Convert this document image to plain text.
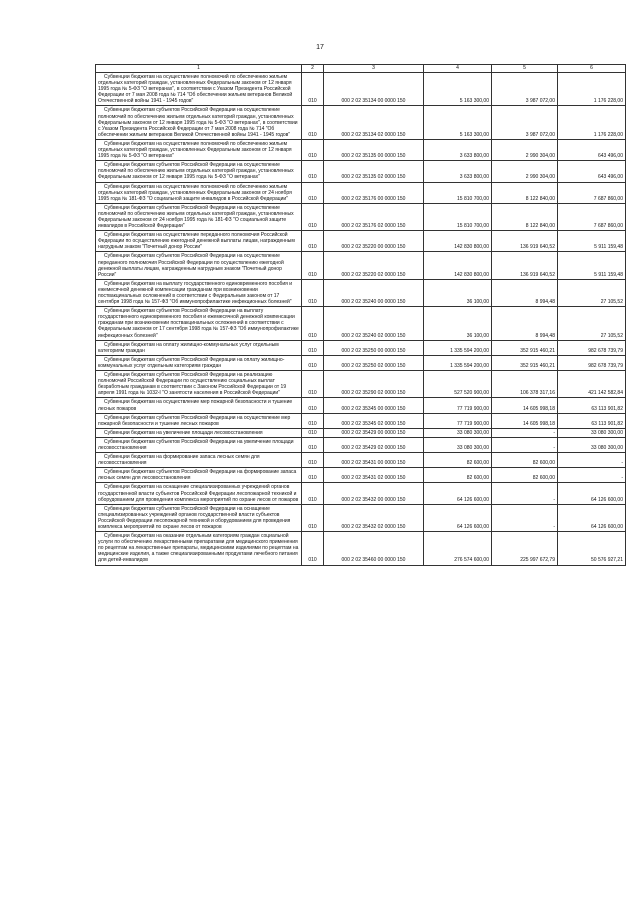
17
1	2	3	4	5	6
Субвенции бюджетам на осуществление полномочий по обеспечению жильем отдельных категорий граждан, установленных Федеральным законом от 12 января 1995 года № 5-ФЗ "О ветеранах", в соответствии с Указом Президента Российской Федерации от 7 мая 2008 года № 714 "Об обеспечении жильем ветеранов Великой Отечественной войны 1941 - 1945 годов"	010	000 2 02 35134 00 0000 150	5 163 300,00	3 987 072,00	1 176 228,00
Субвенции бюджетам субъектов Российской Федерации на осуществление полномочий по обеспечению жильем отдельных категорий граждан, установленных Федеральным законом от 12 января 1995 года № 5-ФЗ "О ветеранах", в соответствии с Указом Президента Российской Федерации от 7 мая 2008 года № 714 "Об обеспечении жильем ветеранов Великой Отечественной войны 1941 - 1945 годов"	010	000 2 02 35134 02 0000 150	5 163 300,00	3 987 072,00	1 176 228,00
Субвенции бюджетам на осуществление полномочий по обеспечению жильем отдельных категорий граждан, установленных Федеральным законом от 12 января 1995 года № 5-ФЗ "О ветеранах"	010	000 2 02 35135 00 0000 150	3 633 800,00	2 990 304,00	643 496,00
Субвенции бюджетам субъектов Российской Федерации на осуществление полномочий по обеспечению жильем отдельных категорий граждан, установленных Федеральным законом от 12 января 1995 года № 5-ФЗ "О ветеранах"	010	000 2 02 35135 02 0000 150	3 633 800,00	2 990 304,00	643 496,00
Субвенции бюджетам на осуществление полномочий по обеспечению жильем отдельных категорий граждан, установленных Федеральным законом от 24 ноября 1995 года № 181-ФЗ "О социальной защите инвалидов в Российской Федерации"	010	000 2 02 35176 00 0000 150	15 810 700,00	8 122 840,00	7 687 860,00
Субвенции бюджетам субъектов Российской Федерации на осуществление полномочий по обеспечению жильем отдельных категорий граждан, установленных Федеральным законом от 24 ноября 1995 года № 181-ФЗ "О социальной защите инвалидов в Российской Федерации"	010	000 2 02 35176 02 0000 150	15 810 700,00	8 122 840,00	7 687 860,00
Субвенции бюджетам на осуществление переданного полномочия Российской Федерации по осуществлению ежегодной денежной выплаты лицам, награжденным нагрудным знаком "Почетный донор России"	010	000 2 02 35220 00 0000 150	142 830 800,00	136 919 640,52	5 911 159,48
Субвенции бюджетам субъектов Российской Федерации на осуществление переданного полномочия Российской Федерации по осуществлению ежегодной денежной выплаты лицам, награжденным нагрудным знаком "Почетный донор России"	010	000 2 02 35220 02 0000 150	142 830 800,00	136 919 640,52	5 911 159,48
Субвенции бюджетам на выплату государственного единовременного пособия и ежемесячной денежной компенсации гражданам при возникновении поствакцинальных осложнений в соответствии с Федеральным законом от 17 сентября 1998 года № 157-ФЗ "Об иммунопрофилактике инфекционных болезней"	010	000 2 02 35240 00 0000 150	36 100,00	8 994,48	27 105,52
Субвенции бюджетам субъектов Российской Федерации на выплату государственного единовременного пособия и ежемесячной денежной компенсации гражданам при возникновении поствакцинальных осложнений в соответствии с Федеральным законом от 17 сентября 1998 года № 157-ФЗ "Об иммунопрофилактике инфекционных болезней"	010	000 2 02 35240 02 0000 150	36 100,00	8 994,48	27 105,52
Субвенции бюджетам на оплату жилищно-коммунальных услуг отдельным категориям граждан	010	000 2 02 35250 00 0000 150	1 335 594 200,00	352 915 460,21	982 678 739,79
Субвенции бюджетам субъектов Российской Федерации на оплату жилищно-коммунальных услуг отдельным категориям граждан	010	000 2 02 35250 02 0000 150	1 335 594 200,00	352 915 460,21	982 678 739,79
Субвенции бюджетам субъектов Российской Федерации на реализацию полномочий Российской Федерации по осуществлению социальных выплат безработным гражданам в соответствии с Законом Российской Федерации от 19 апреля 1991 года № 1032-I "О занятости населения в Российской Федерации"	010	000 2 02 35290 02 0000 150	527 520 900,00	106 378 317,16	421 142 582,84
Субвенции бюджетам на осуществление мер пожарной безопасности и тушение лесных пожаров	010	000 2 02 35345 00 0000 150	77 719 900,00	14 605 998,18	63 113 901,82
Субвенции бюджетам субъектов Российской Федерации на осуществление мер пожарной безопасности и тушение лесных пожаров	010	000 2 02 35345 02 0000 150	77 719 900,00	14 605 998,18	63 113 901,82
Субвенции бюджетам на увеличение площади лесовосстановления	010	000 2 02 35429 00 0000 150	33 080 300,00	-	33 080 300,00
Субвенции бюджетам субъектов Российской Федерации на увеличение площади лесовосстановления	010	000 2 02 35429 02 0000 150	33 080 300,00	-	33 080 300,00
Субвенции бюджетам на формирование запаса лесных семян для лесовосстановления	010	000 2 02 35431 00 0000 150	82 600,00	82 600,00	-
Субвенции бюджетам субъектов Российской Федерации на формирование запаса лесных семян для лесовосстановления	010	000 2 02 35431 02 0000 150	82 600,00	82 600,00	-
Субвенции бюджетам на оснащение специализированных учреждений органов государственной власти субъектов Российской Федерации лесопожарной техникой и оборудованием для проведения комплекса мероприятий по охране лесов от пожаров	010	000 2 02 35432 00 0000 150	64 126 600,00	-	64 126 600,00
Субвенции бюджетам субъектов Российской Федерации на оснащение специализированных учреждений органов государственной власти субъектов Российской Федерации лесопожарной техникой и оборудованием для проведения комплекса мероприятий по охране лесов от пожаров	010	000 2 02 35432 02 0000 150	64 126 600,00	-	64 126 600,00
Субвенции бюджетам на оказание отдельным категориям граждан социальной услуги по обеспечению лекарственными препаратами для медицинского применения по рецептам на лекарственные препараты, медицинскими изделиями по рецептам на медицинские изделия, а также специализированными продуктами лечебного питания для детей-инвалидов	010	000 2 02 35460 00 0000 150	276 574 600,00	225 997 672,79	50 576 927,21
